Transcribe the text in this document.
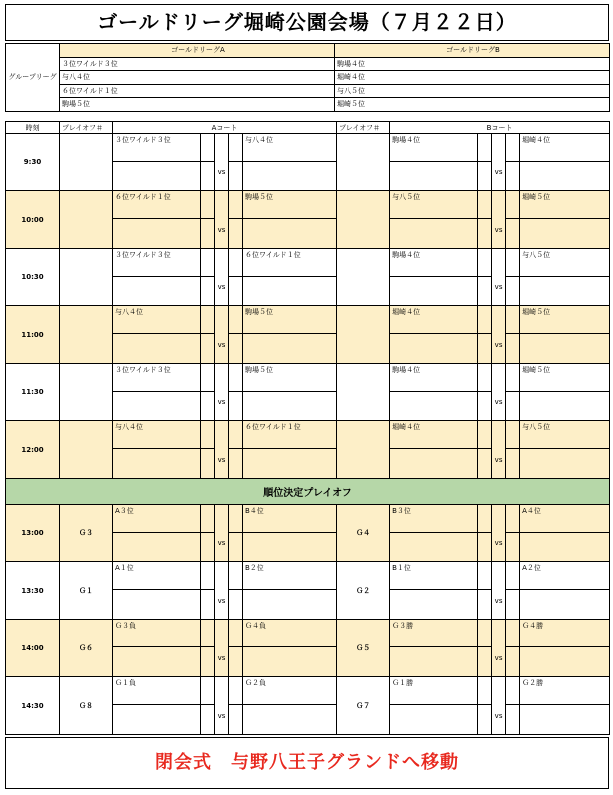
ゴールドリーグ堀崎公園会場（７月２２日）
グループリーグ	ゴールドリーグA	ゴールドリーグB
	３位ワイルド３位	駒場４位
	与八４位	堀崎４位
	６位ワイルド１位	与八５位
	駒場５位	堀崎５位
時刻	プレイオフ＃	Aコート					プレイオフ＃	Bコート				
9:30		３位ワイルド３位		vs		与八４位		駒場４位		vs		堀崎４位

10:00		６位ワイルド１位		vs		駒場５位		与八５位		vs		堀崎５位

10:30		３位ワイルド３位		vs		６位ワイルド１位		駒場４位		vs		与八５位

11:00		与八４位		vs		駒場５位		堀崎４位		vs		堀崎５位

11:30		３位ワイルド３位		vs		駒場５位		駒場４位		vs		堀崎５位

12:00		与八４位		vs		６位ワイルド１位		堀崎４位		vs		与八５位

順位決定プレイオフ												
13:00	Ｇ３	A３位		vs		B４位	Ｇ４	B３位		vs		A４位

13:30	Ｇ１	A１位		vs		B２位	Ｇ２	B１位		vs		A２位

14:00	Ｇ６	Ｇ３負		vs		Ｇ４負	Ｇ５	Ｇ３勝		vs		Ｇ４勝

14:30	Ｇ８	Ｇ１負		vs		Ｇ２負	Ｇ７	Ｇ１勝		vs		Ｇ２勝

閉会式　与野八王子グランドへ移動
